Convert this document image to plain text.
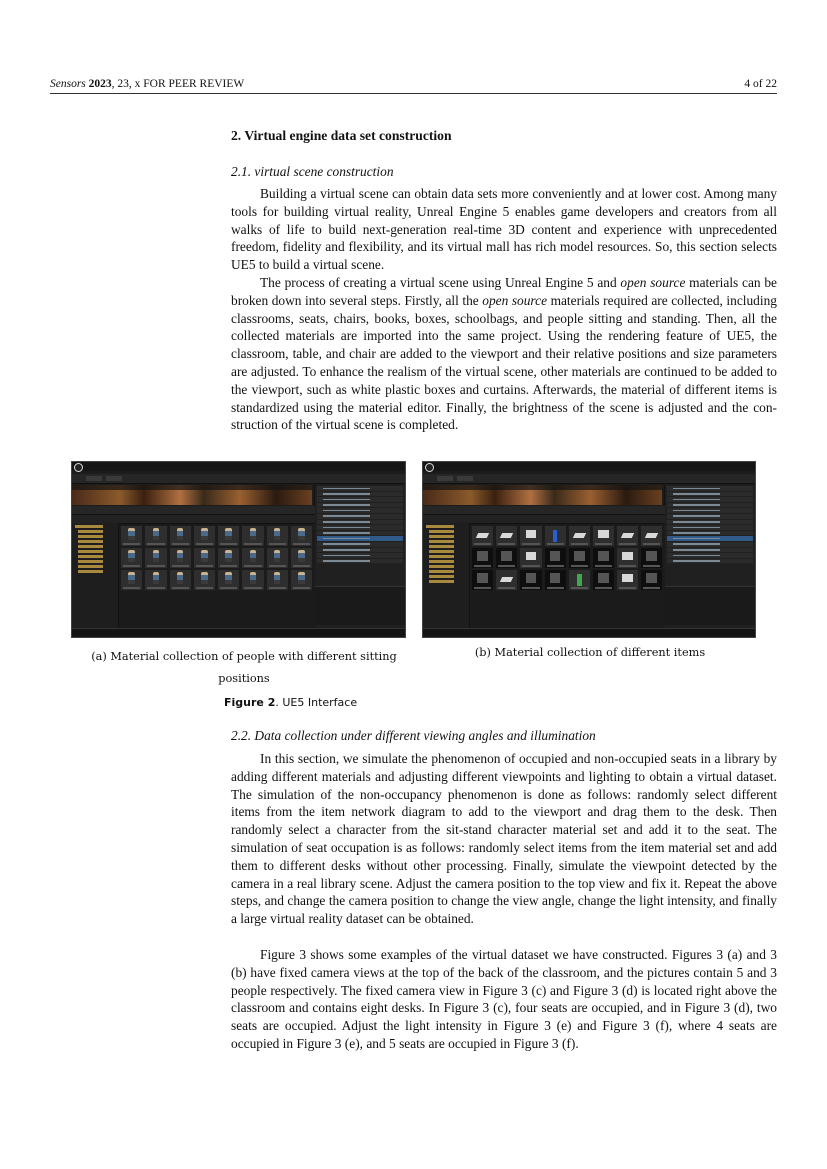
Sensors 2023, 23, x FOR PEER REVIEW	4 of 22
2. Virtual engine data set construction
2.1. virtual scene construction

Building a virtual scene can obtain data sets more conveniently and at lower cost. Among many tools for building virtual reality, Unreal Engine 5 enables game developers and creators from all walks of life to build next-generation real-time 3D content and experience with unprecedented freedom, fidelity and flexibility, and its virtual mall has rich model resources. So, this section selects UE5 to build a virtual scene.

The process of creating a virtual scene using Unreal Engine 5 and open source materials can be broken down into several steps. Firstly, all the open source materials required are collected, including classrooms, seats, chairs, books, boxes, schoolbags, and people sitting and standing. Then, all the collected materials are imported into the same project. Using the rendering feature of UE5, the classroom, table, and chair are added to the viewport and their relative positions and size parameters are adjusted. To enhance the realism of the virtual scene, other materials are continued to be added to the viewport, such as white plastic boxes and curtains. Afterwards, the material of different items is standardized using the material editor. Finally, the brightness of the scene is adjusted and the construction of the virtual scene is completed.

(a) Material collection of people with different sitting positions
(b) Material collection of different items
Figure 2. UE5 Interface
2.2. Data collection under different viewing angles and illumination

In this section, we simulate the phenomenon of occupied and non-occupied seats in a library by adding different materials and adjusting different viewpoints and lighting to obtain a virtual dataset. The simulation of the non-occupancy phenomenon is done as follows: randomly select different items from the item network diagram to add to the viewport and drag them to the desk. Then randomly select a character from the sit-stand character material set and add it to the seat. The simulation of seat occupation is as follows: randomly select items from the item material set and add them to different desks without other processing. Finally, simulate the viewpoint detected by the camera in a real library scene. Adjust the camera position to the top view and fix it. Repeat the above steps, and change the camera position to change the view angle, change the light intensity, and finally a large virtual reality dataset can be obtained.

Figure 3 shows some examples of the virtual dataset we have constructed. Figures 3 (a) and 3 (b) have fixed camera views at the top of the back of the classroom, and the pictures contain 5 and 3 people respectively. The fixed camera view in Figure 3 (c) and Figure 3 (d) is located right above the classroom and contains eight desks. In Figure 3 (c), four seats are occupied, and in Figure 3 (d), two seats are occupied. Adjust the light intensity in Figure 3 (e) and Figure 3 (f), where 4 seats are occupied in Figure 3 (e), and 5 seats are occupied in Figure 3 (f).
